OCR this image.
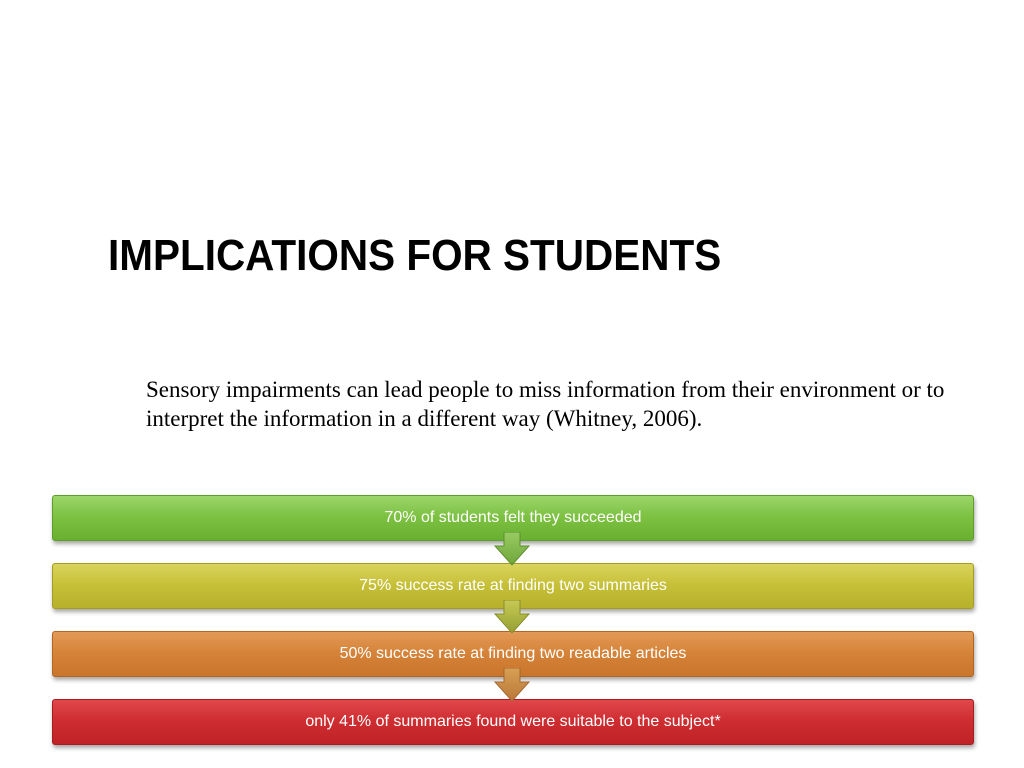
IMPLICATIONS FOR STUDENTS
Sensory impairments can lead people to miss information from their environment or to interpret the information in a different way (Whitney, 2006).
70% of students felt they succeeded
75% success rate at finding two summaries
50% success rate at finding two readable articles
only 41% of summaries found were suitable to the subject*
